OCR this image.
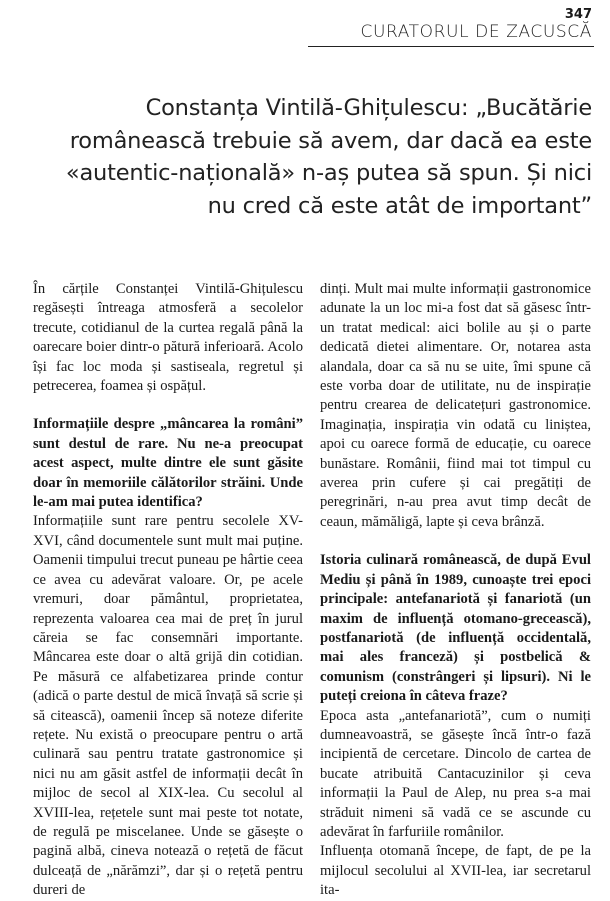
347
CURATORUL DE ZACUSCĂ
Constanța Vintilă-Ghițulescu: „Bucătărie românească trebuie să avem, dar dacă ea este «autentic-națională» n-aș putea să spun. Și nici nu cred că este atât de important”

În cărțile Constanței Vintilă-Ghițulescu regăsești întreaga atmosferă a secolelor trecute, cotidianul de la curtea regală până la oarecare boier dintr-o pătură inferioară. Acolo își fac loc moda și sastiseala, regretul și petrecerea, foamea și ospățul.

Informațiile despre „mâncarea la români” sunt destul de rare. Nu ne-a preocupat acest aspect, multe dintre ele sunt găsite doar în memoriile călătorilor străini. Unde le-am mai putea identifica?

Informațiile sunt rare pentru secolele XV-XVI, când documentele sunt mult mai puține. Oamenii timpului trecut puneau pe hârtie ceea ce avea cu adevărat valoare. Or, pe acele vremuri, doar pământul, proprietatea, reprezenta valoarea cea mai de preț în jurul căreia se fac consemnări importante. Mâncarea este doar o altă grijă din cotidian. Pe măsură ce alfabetizarea prinde contur (adică o parte destul de mică învață să scrie și să citească), oamenii încep să noteze diferite rețete. Nu există o preocupare pentru o artă culinară sau pentru tratate gastronomice și nici nu am găsit astfel de informații decât în mijloc de secol al XIX-lea. Cu secolul al XVIII-lea, rețetele sunt mai peste tot notate, de regulă pe miscelanee. Unde se găsește o pagină albă, cineva notează o rețetă de făcut dulceață de „nărămzi”, dar și o rețetă pentru dureri de

dinți. Mult mai multe informații gastronomice adunate la un loc mi-a fost dat să găsesc într-un tratat medical: aici bolile au și o parte dedicată dietei alimentare. Or, notarea asta alandala, doar ca să nu se uite, îmi spune că este vorba doar de utilitate, nu de inspirație pentru crearea de delicatețuri gastronomice. Imaginația, inspirația vin odată cu liniștea, apoi cu oarece formă de educație, cu oarece bunăstare. Românii, fiind mai tot timpul cu averea prin cufere și cai pregătiți de peregrinări, n-au prea avut timp decât de ceaun, mămăligă, lapte și ceva brânză.

Istoria culinară românească, de după Evul Mediu și până în 1989, cunoaște trei epoci principale: antefanariotă și fanariotă (un maxim de influență otomano-grecească), postfanariotă (de influență occidentală, mai ales franceză) și postbelică & comunism (constrângeri și lipsuri). Ni le puteți creiona în câteva fraze?

Epoca asta „antefanariotă”, cum o numiți dumneavoastră, se găsește încă într-o fază incipientă de cercetare. Dincolo de cartea de bucate atribuită Cantacuzinilor și ceva informații la Paul de Alep, nu prea s-a mai străduit nimeni să vadă ce se ascunde cu adevărat în farfuriile românilor.

Influența otomană începe, de fapt, de pe la mijlocul secolului al XVII-lea, iar secretarul ita-
